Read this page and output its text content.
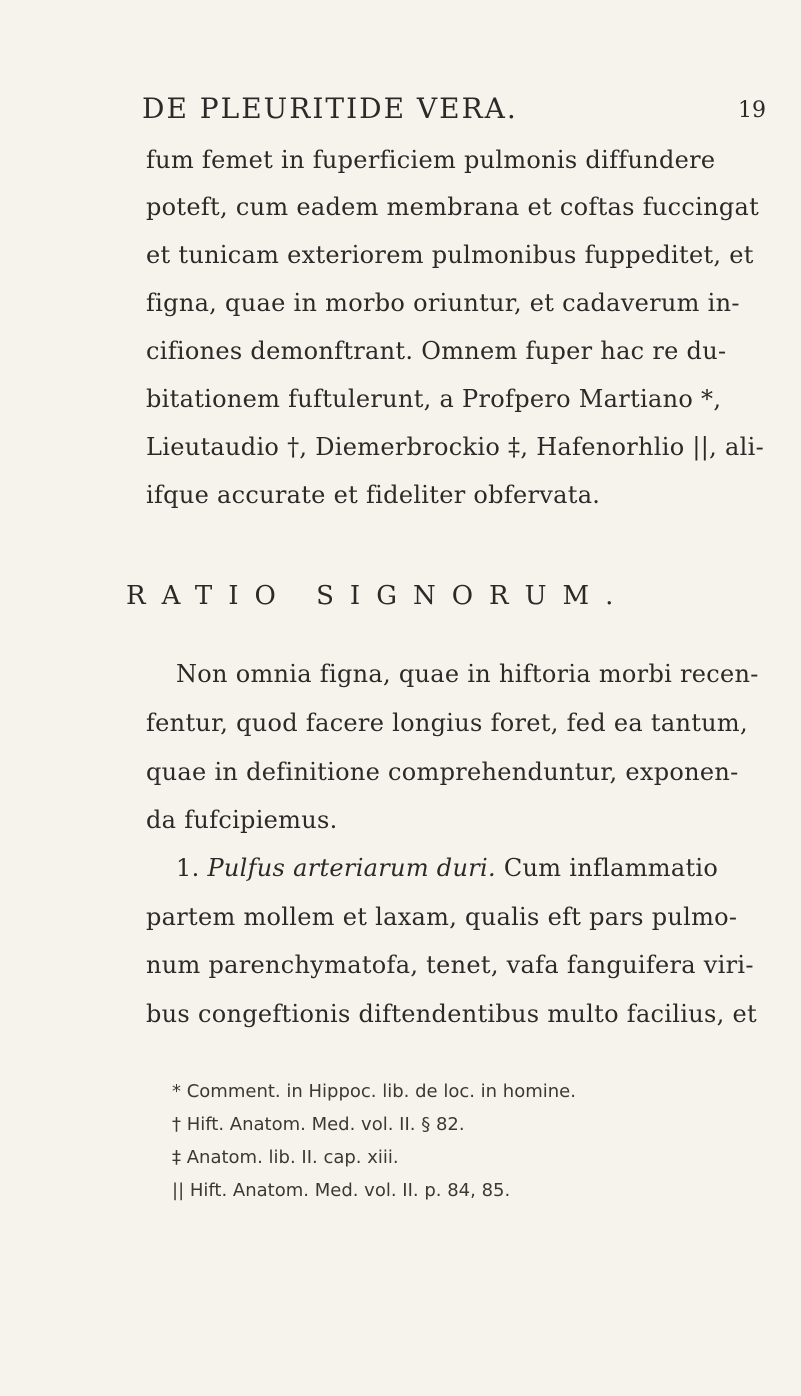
DE PLEURITIDE VERA.	19
fum femet in fuperficiem pulmonis diffundere
poteft, cum eadem membrana et coftas fuccingat
et tunicam exteriorem pulmonibus fuppeditet, et
figna, quae in morbo oriuntur, et cadaverum in-
cifiones demonftrant. Omnem fuper hac re du-
bitationem fuftulerunt, a Profpero Martiano *,
Lieutaudio †, Diemerbrockio ‡, Hafenorhlio ||, ali-
ifque accurate et fideliter obfervata.
RATIO SIGNORUM.
Non omnia figna, quae in hiftoria morbi recen-
fentur, quod facere longius foret, fed ea tantum,
quae in definitione comprehenduntur, exponen-
da fufcipiemus.
1. Pulfus arteriarum duri. Cum inflammatio
partem mollem et laxam, qualis eft pars pulmo-
num parenchymatofa, tenet, vafa fanguifera viri-
bus congeftionis diftendentibus multo facilius, et
* Comment. in Hippoc. lib. de loc. in homine.
† Hift. Anatom. Med. vol. II. § 82.
‡ Anatom. lib. II. cap. xiii.
|| Hift. Anatom. Med. vol. II. p. 84, 85.
